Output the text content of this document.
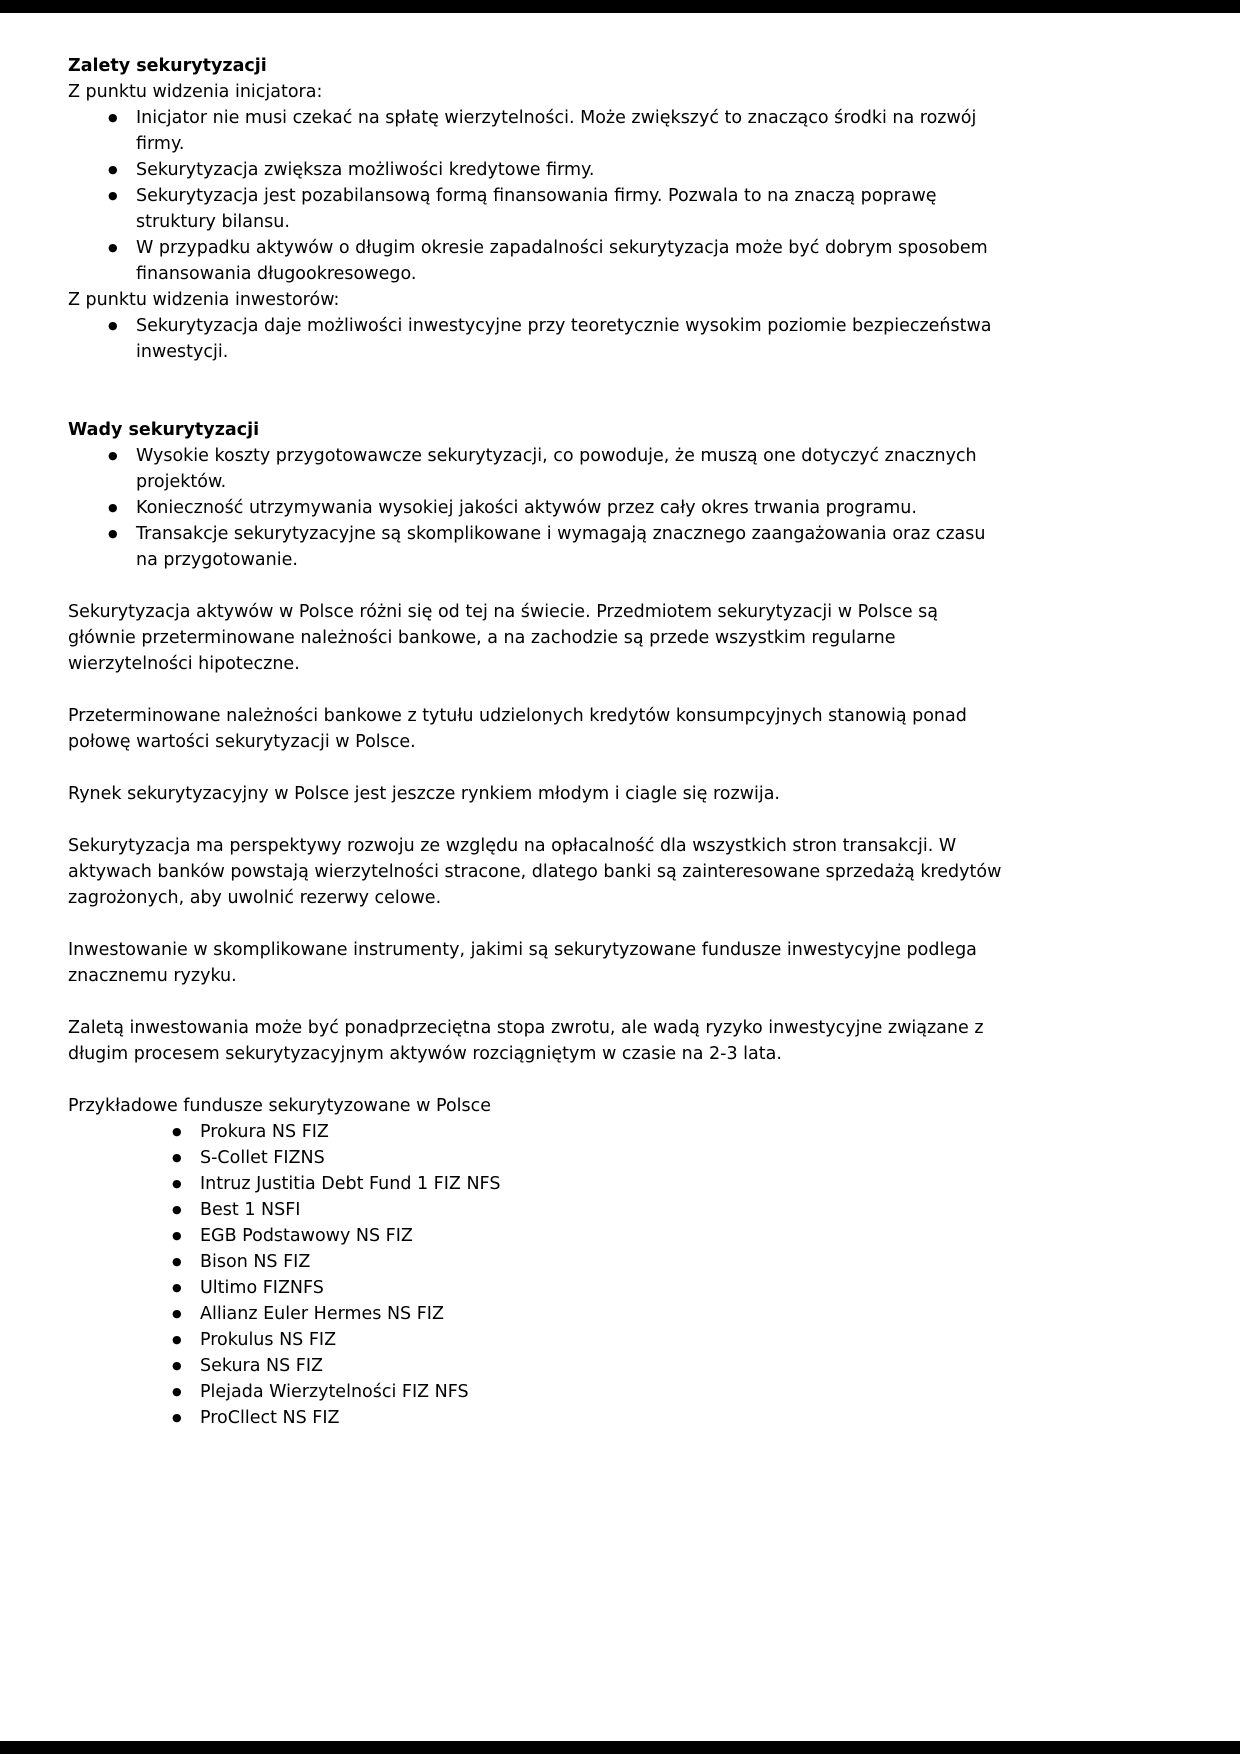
Zalety sekurytyzacji

Z punktu widzenia inicjatora:

●	Inicjator nie musi czekać na spłatę wierzytelności. Może zwiększyć to znacząco środki na rozwój firmy.
●	Sekurytyzacja zwiększa możliwości kredytowe firmy.
●	Sekurytyzacja jest pozabilansową formą finansowania firmy. Pozwala to na znaczą poprawę struktury bilansu.
●	W przypadku aktywów o długim okresie zapadalności sekurytyzacja może być dobrym sposobem finansowania długookresowego.

Z punktu widzenia inwestorów:

●	Sekurytyzacja daje możliwości inwestycyjne przy teoretycznie wysokim poziomie bezpieczeństwa inwestycji.
Wady sekurytyzacji
●	Wysokie koszty przygotowawcze sekurytyzacji, co powoduje, że muszą one dotyczyć znacznych projektów.
●	Konieczność utrzymywania wysokiej jakości aktywów przez cały okres trwania programu.
●	Transakcje sekurytyzacyjne są skomplikowane i wymagają znacznego zaangażowania oraz czasu na przygotowanie.

Sekurytyzacja aktywów w Polsce różni się od tej na świecie. Przedmiotem sekurytyzacji w Polsce są głównie przeterminowane należności bankowe, a na zachodzie są przede wszystkim regularne wierzytelności hipoteczne.

Przeterminowane należności bankowe z tytułu udzielonych kredytów konsumpcyjnych stanowią ponad połowę wartości sekurytyzacji w Polsce.

Rynek sekurytyzacyjny w Polsce jest jeszcze rynkiem młodym i ciagle się rozwija.

Sekurytyzacja ma perspektywy rozwoju ze względu na opłacalność dla wszystkich stron transakcji. W aktywach banków powstają wierzytelności stracone, dlatego banki są zainteresowane sprzedażą kredytów zagrożonych, aby uwolnić rezerwy celowe.

Inwestowanie w skomplikowane instrumenty, jakimi są sekurytyzowane fundusze inwestycyjne podlega znacznemu ryzyku.

Zaletą inwestowania może być ponadprzeciętna stopa zwrotu, ale wadą ryzyko inwestycyjne związane z długim procesem sekurytyzacyjnym aktywów rozciągniętym w czasie na 2-3 lata.

Przykładowe fundusze sekurytyzowane w Polsce

●	Prokura NS FIZ
●	S-Collet FIZNS
●	Intruz Justitia Debt Fund 1 FIZ NFS
●	Best 1 NSFI
●	EGB Podstawowy NS FIZ
●	Bison NS FIZ
●	Ultimo FIZNFS
●	Allianz Euler Hermes NS FIZ
●	Prokulus NS FIZ
●	Sekura NS FIZ
●	Plejada Wierzytelności FIZ NFS
●	ProCllect NS FIZ
